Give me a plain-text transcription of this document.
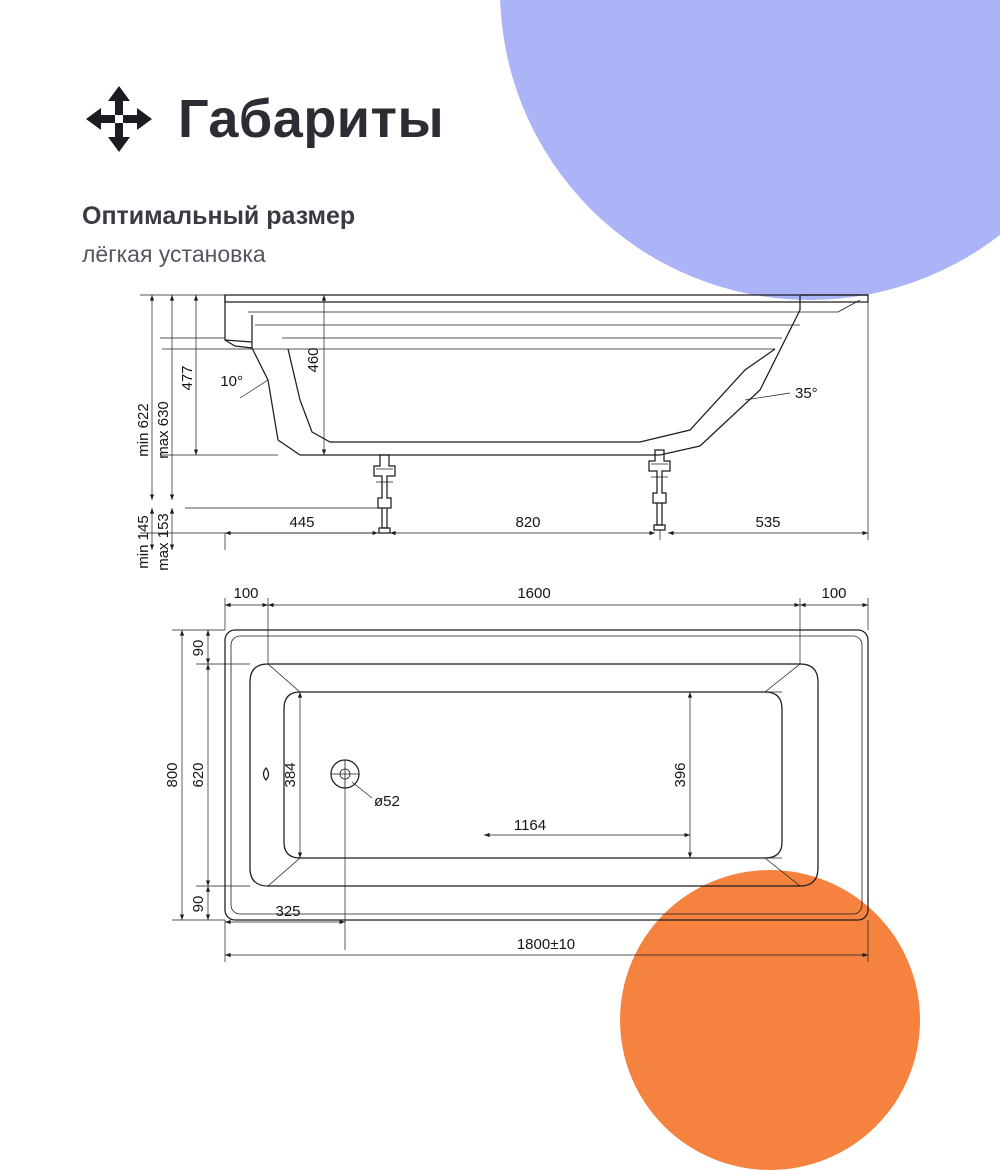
Габариты
Оптимальный размер
лёгкая установка
min 622 max 630
477
460
10°
35°
min 145 max 153	445	820	535
100	1600	100
90
90
620
800	384	396
ø52
1164
325
1800±10
